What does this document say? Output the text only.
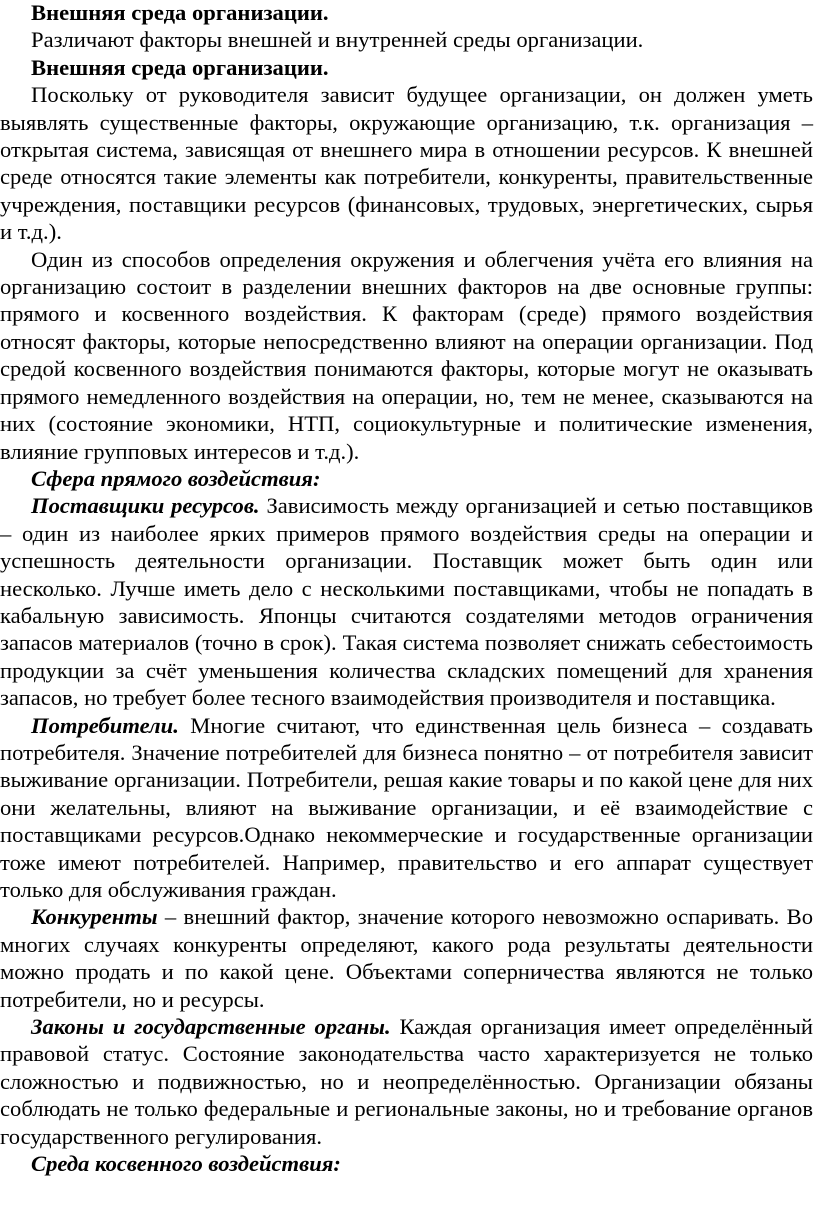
Внешняя среда организации.

Различают факторы внешней и внутренней среды организации.

Внешняя среда организации.

Поскольку от руководителя зависит будущее организации, он должен уметь выявлять существенные факторы, окружающие организацию, т.к. организация – открытая система, зависящая от внешнего мира в отношении ресурсов. К внешней среде относятся такие элементы как потребители, конкуренты, правительственные учреждения, поставщики ресурсов (финансовых, трудовых, энергетических, сырья и т.д.).

Один из способов определения окружения и облегчения учёта его влияния на организацию состоит в разделении внешних факторов на две основные группы: прямого и косвенного воздействия. К факторам (среде) прямого воздействия относят факторы, которые непосредственно влияют на операции организации. Под средой косвенного воздействия понимаются факторы, которые могут не оказывать прямого немедленного воздействия на операции, но, тем не менее, сказываются на них (состояние экономики, НТП, социокультурные и политические изменения, влияние групповых интересов и т.д.).

Сфера прямого воздействия:

Поставщики ресурсов. Зависимость между организацией и сетью поставщиков – один из наиболее ярких примеров прямого воздействия среды на операции и успешность деятельности организации. Поставщик может быть один или несколько. Лучше иметь дело с несколькими поставщиками, чтобы не попадать в кабальную зависимость. Японцы считаются создателями методов ограничения запасов материалов (точно в срок). Такая система позволяет снижать себестоимость продукции за счёт уменьшения количества складских помещений для хранения запасов, но требует более тесного взаимодействия производителя и поставщика.

Потребители. Многие считают, что единственная цель бизнеса – создавать потребителя. Значение потребителей для бизнеса понятно – от потребителя зависит выживание организации. Потребители, решая какие товары и по какой цене для них они желательны, влияют на выживание организации, и её взаимодействие с поставщиками ресурсов.Однако некоммерческие и государственные организации тоже имеют потребителей. Например, правительство и его аппарат существует только для обслуживания граждан.

Конкуренты – внешний фактор, значение которого невозможно оспаривать. Во многих случаях конкуренты определяют, какого рода результаты деятельности можно продать и по какой цене. Объектами соперничества являются не только потребители, но и ресурсы.

Законы и государственные органы. Каждая организация имеет определённый правовой статус. Состояние законодательства часто характеризуется не только сложностью и подвижностью, но и неопределённостью. Организации обязаны соблюдать не только федеральные и региональные законы, но и требование органов государственного регулирования.

Среда косвенного воздействия:
